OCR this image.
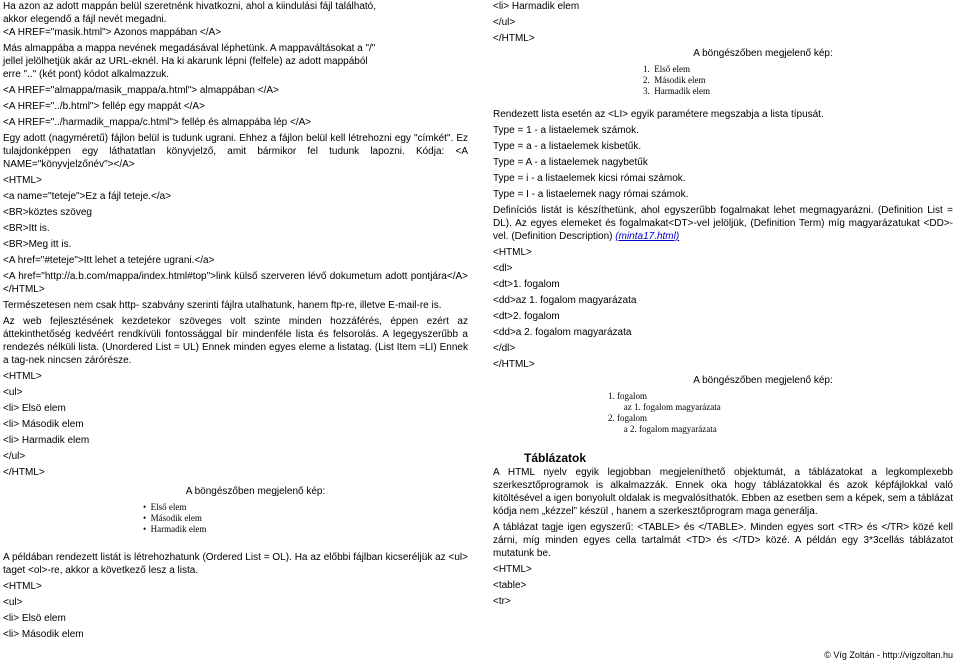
Ha azon az adott mappán belül szeretnénk hivatkozni, ahol a kiindulási fájl található,
akkor elegendő a fájl nevét megadni.
<A HREF="masik.html"> Azonos mappában </A>
Más almappába a mappa nevének megadásával léphetünk. A mappaváltásokat a "/"
jellel jelölhetjük akár az URL-eknél. Ha ki akarunk lépni (felfele) az adott mappából
erre ".." (két pont) kódot alkalmazzuk.
<A HREF="almappa/masik_mappa/a.html"> almappában </A>
<A HREF="../b.html"> fellép egy mappát </A>
<A HREF="../harmadik_mappa/c.html"> fellép és almappába lép </A>
Egy adott (nagyméretű) fájlon belül is tudunk ugrani. Ehhez a fájlon belül kell létrehozni egy "címkét". Ez tulajdonképpen egy láthatatlan könyvjelző, amit bármikor fel tudunk lapozni. Kódja: <A NAME="könyvjelzőnév"></A>
<HTML>
<a name="teteje">Ez a fájl teteje.</a>
<BR>köztes szöveg
<BR>Itt is.
<BR>Meg itt is.
<A href="#teteje">Itt lehet a tetejére ugrani.</a>
<A href="http://a.b.com/mappa/index.html#top">link külső szerveren lévő dokumetum adott pontjára</A> </HTML>
Természetesen nem csak http- szabvány szerinti fájlra utalhatunk, hanem ftp-re, illetve E-mail-re is.
Az web fejlesztésének kezdetekor szöveges volt szinte minden hozzáférés, éppen ezért az áttekinthetőség kedvéért rendkívüli fontossággal bír mindenféle lista és felsorolás. A legegyszerűbb a rendezés nélküli lista. (Unordered List = UL) Ennek minden egyes eleme a listatag. (List Item =LI) Ennek a tag-nek nincsen zárórésze.
<HTML>
<ul>
<li> Elsö elem
<li> Második elem
<li> Harmadik elem
</ul>
</HTML>
A böngészőben megjelenő kép:
•  Első elem
•  Második elem
•  Harmadik elem
A példában rendezett listát is létrehozhatunk (Ordered List = OL). Ha az előbbi fájlban kicseréljük az <ul> taget <ol>-re, akkor a következő lesz a lista.
<HTML>
<ul>
<li> Elsö elem
<li> Második elem
<li> Harmadik elem
</ul>
</HTML>
A böngészőben megjelenő kép:
1.  Első elem
2.  Második elem
3.  Harmadik elem
Rendezett lista esetén az <LI> egyik paramétere megszabja a lista típusát.
Type = 1 - a listaelemek számok.
Type = a - a listaelemek kisbetűk.
Type = A - a listaelemek nagybetűk
Type = i - a listaelemek kicsi római számok.
Type = I - a listaelemek nagy római számok.
Definíciós listát is készíthetünk, ahol egyszerűbb fogalmakat lehet megmagyarázni. (Definition List = DL). Az egyes elemeket és fogalmakat<DT>-vel jelöljük, (Definition Term) míg magyarázatukat <DD>-vel. (Definition Description) (minta17.html)
<HTML>
<dl>
<dt>1. fogalom
<dd>az 1. fogalom magyarázata
<dt>2. fogalom
<dd>a 2. fogalom magyarázata
</dl>
</HTML>
A böngészőben megjelenő kép:
1. fogalom
az 1. fogalom magyarázata
2. fogalom
a 2. fogalom magyarázata
Táblázatok
A HTML nyelv egyik legjobban megjeleníthető objektumát, a táblázatokat a legkomplexebb szerkesztőprogramok is alkalmazzák. Ennek oka hogy táblázatokkal és azok képfájlokkal való kitöltésével a igen bonyolult oldalak is megvalósíthatók. Ebben az esetben sem a képek, sem a táblázat kódja nem „kézzel” készül , hanem a szerkesztőprogram maga generálja.
A táblázat tagje igen egyszerű: <TABLE> és </TABLE>. Minden egyes sort <TR> és </TR> közé kell zárni, míg minden egyes cella tartalmát <TD> és </TD> közé. A példán egy 3*3cellás táblázatot mutatunk be.
<HTML>
<table>
<tr>
© Víg Zoltán - http://vigzoltan.hu
